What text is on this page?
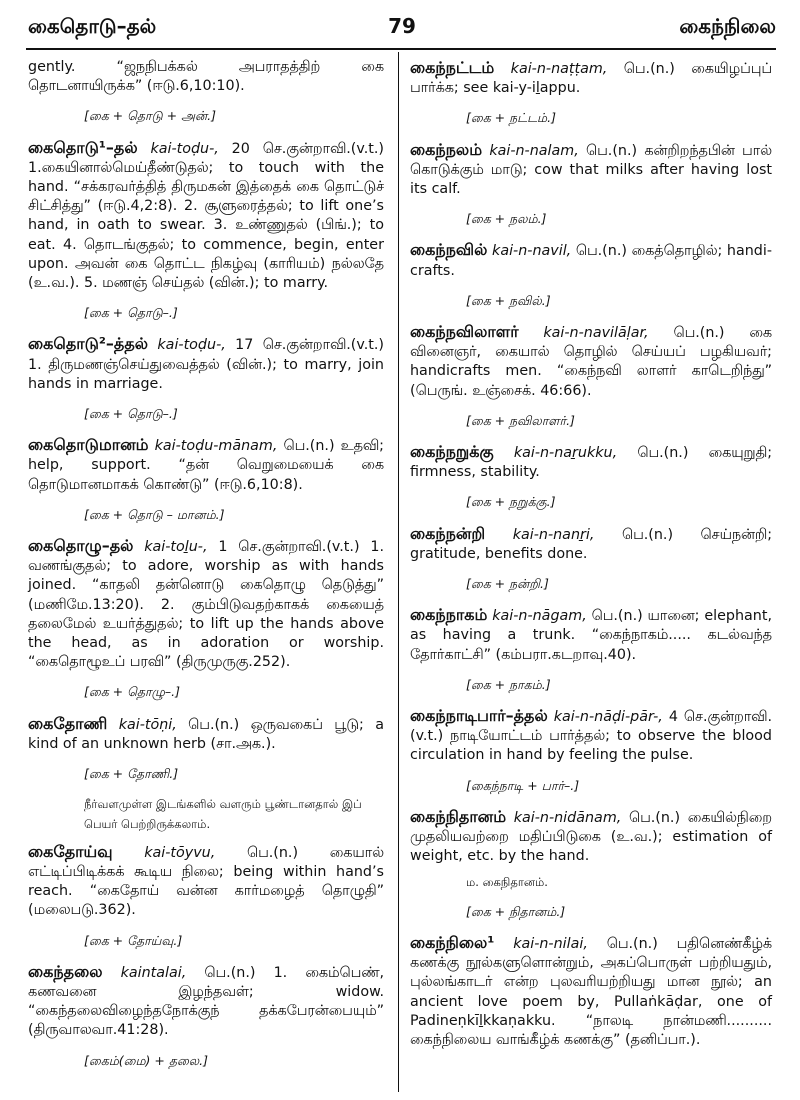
கைதொடு–தல்	79	கைந்நிலை

gently. “ஜநநிபக்கல் அபராதத்திற் கை தொடனாயிருக்க” (ஈடு.6,10:10).

[கை + தொடு + அன்.]

கைதொடு¹–தல் kai-toḍu-, 20 செ.குன்றாவி.(v.t.) 1.கையினால்மெய்தீண்டுதல்; to touch with the hand. “சக்கரவர்த்தித் திருமகன் இத்தைக் கை தொட்டுச் சிட்சித்து” (ஈடு.4,2:8). 2. சூளுரைத்தல்; to lift one’s hand, in oath to swear. 3. உண்ணுதல் (பிங்.); to eat. 4. தொடங்குதல்; to commence, begin, enter upon. அவன் கை தொட்ட நிகழ்வு (காரியம்) நல்லதே (உ.வ.). 5. மணஞ் செய்தல் (வின்.); to marry.

[கை + தொடு–.]

கைதொடு²–த்தல் kai-toḍu-, 17 செ.குன்றாவி.(v.t.) 1. திருமணஞ்செய்துவைத்தல் (வின்.); to marry, join hands in marriage.

[கை + தொடு–.]

கைதொடுமானம் kai-toḍu-mānam, பெ.(n.) உதவி; help, support. “தன் வெறுமையைக் கை தொடுமானமாகக் கொண்டு” (ஈடு.6,10:8).

[கை + தொடு – மானம்.]

கைதொழு–தல் kai-toḻu-, 1 செ.குன்றாவி.(v.t.) 1. வணங்குதல்; to adore, worship as with hands joined. “காதலி தன்னொடு கைதொழு தெடுத்து” (மணிமே.13:20). 2. கும்பிடுவதற்காகக் கையைத் தலைமேல் உயர்த்துதல்; to lift up the hands above the head, as in adoration or worship. “கைதொழூஉப் பரவி” (திருமுருகு.252).

[கை + தொழு–.]

கைதோணி kai-tōṇi, பெ.(n.) ஒருவகைப் பூடு; a kind of an unknown herb (சா.அக.).

[கை + தோணி.]
நீர்வளமுள்ள இடங்களில் வளரும் பூண்டானதால் இப் பெயர் பெற்றிருக்கலாம்.

கைதோய்வு kai-tōyvu, பெ.(n.) கையால் எட்டிப்பிடிக்கக் கூடிய நிலை; being within hand’s reach. “கைதோய் வன்ன கார்மழைத் தொழுதி” (மலைபடு.362).

[கை + தோய்வு.]

கைந்தலை kaintalai, பெ.(n.) 1. கைம்பெண், கணவனை இழந்தவள்; widow. “கைந்தலைவிழைந்தநோக்குந் தக்கபேரன்பையும்” (திருவாலவா.41:28).

[கைம்(மை) + தலை.]

கைந்நட்டம் kai-n-naṭṭam, பெ.(n.) கையிழப்புப் பார்க்க; see kai-y-iḻappu.

[கை + நட்டம்.]

கைந்நலம் kai-n-nalam, பெ.(n.) கன்றிறந்தபின் பால் கொடுக்கும் மாடு; cow that milks after having lost its calf.

[கை + நலம்.]

கைந்நவில் kai-n-navil, பெ.(n.) கைத்தொழில்; handi-crafts.

[கை + நவில்.]

கைந்நவிலாளர் kai-n-navilāḷar, பெ.(n.) கை வினைஞர், கையால் தொழில் செய்யப் பழகியவர்; handicrafts men. “கைந்நவி லாளர் காடெறிந்து” (பெருங். உஞ்சைக். 46:66).

[கை + நவிலாளர்.]

கைந்நறுக்கு kai-n-naṟukku, பெ.(n.) கையுறுதி; firmness, stability.

[கை + நறுக்கு.]

கைந்நன்றி kai-n-nanṟi, பெ.(n.) செய்நன்றி; gratitude, benefits done.

[கை + நன்றி.]

கைந்நாகம் kai-n-nāgam, பெ.(n.) யானை; elephant, as having a trunk. “கைந்நாகம்..... கடல்வந்த தோர்காட்சி” (கம்பரா.கடறாவு.40).

[கை + நாகம்.]

கைந்நாடிபார்–த்தல் kai-n-nāḍi-pār-, 4 செ.குன்றாவி.(v.t.) நாடியோட்டம் பார்த்தல்; to observe the blood circulation in hand by feeling the pulse.

[கைந்நாடி + பார்–.]

கைந்நிதானம் kai-n-nidānam, பெ.(n.) கையில்நிறை முதலியவற்றை மதிப்பிடுகை (உ.வ.); estimation of weight, etc. by the hand.

ம. கைநிதானம்.
[கை + நிதானம்.]

கைந்நிலை¹ kai-n-nilai, பெ.(n.) பதினெண்கீழ்க் கணக்கு நூல்களுளொன்றும், அகப்பொருள் பற்றியதும், புல்லங்காடர் என்ற புலவரியற்றியது மான நூல்; an ancient love poem by, Pullaṅkāḍar, one of Padineṇkīḻkkaṇakku. “நாலடி நான்மணி.......... கைந்நிலைய வாங்கீழ்க் கணக்கு” (தனிப்பா.).
